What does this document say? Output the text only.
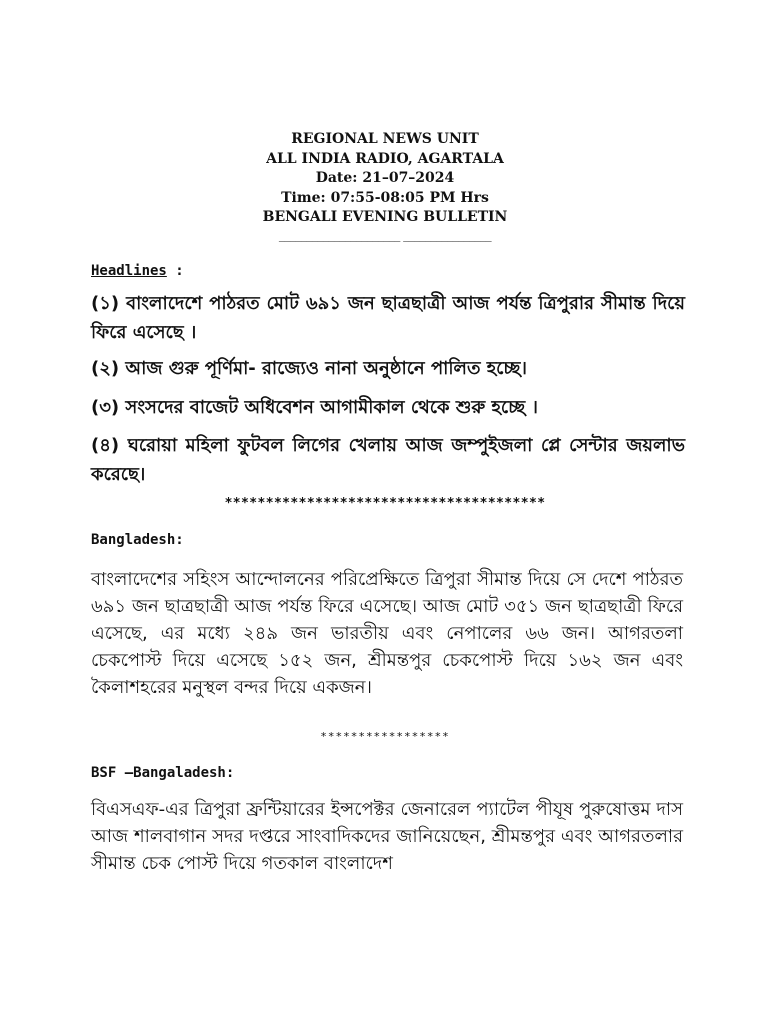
REGIONAL NEWS UNIT
ALL INDIA RADIO, AGARTALA
Date: 21–07–2024
Time: 07:55-08:05 PM Hrs
BENGALI EVENING BULLETIN
______________________ ________________
Headlines :

(১) বাংলাদেশে পাঠরত মোট ৬৯১ জন ছাত্রছাত্রী আজ পর্যন্ত ত্রিপুরার সীমান্ত দিয়ে ফিরে এসেছে ।

(২) আজ গুরু পূর্ণিমা- রাজ্যেও নানা অনুষ্ঠানে পালিত হচ্ছে।

(৩) সংসদের বাজেট অধিবেশন আগামীকাল থেকে শুরু হচ্ছে ।

(৪) ঘরোয়া মহিলা ফুটবল লিগের খেলায় আজ জম্পুইজলা প্লে সেন্টার জয়লাভ করেছে।

***************************************
Bangladesh:

বাংলাদেশের সহিংস আন্দোলনের পরিপ্রেক্ষিতে ত্রিপুরা সীমান্ত দিয়ে সে দেশে পাঠরত ৬৯১ জন ছাত্রছাত্রী আজ পর্যন্ত ফিরে এসেছে। আজ মোট ৩৫১ জন ছাত্রছাত্রী ফিরে এসেছে, এর মধ্যে ২৪৯ জন ভারতীয় এবং নেপালের ৬৬ জন। আগরতলা চেকপোস্ট দিয়ে এসেছে ১৫২ জন, শ্রীমন্তপুর চেকপোস্ট দিয়ে ১৬২ জন এবং কৈলাশহরের মনুস্থল বন্দর দিয়ে একজন।

*****************
BSF –Bangaladesh:

বিএসএফ-এর ত্রিপুরা ফ্রন্টিয়ারের ইন্সপেক্টর জেনারেল প্যাটেল পীযূষ পুরুষোত্তম দাস আজ শালবাগান সদর দপ্তরে সাংবাদিকদের জানিয়েছেন, শ্রীমন্তপুর এবং আগরতলার সীমান্ত চেক পোস্ট দিয়ে গতকাল বাংলাদেশ
